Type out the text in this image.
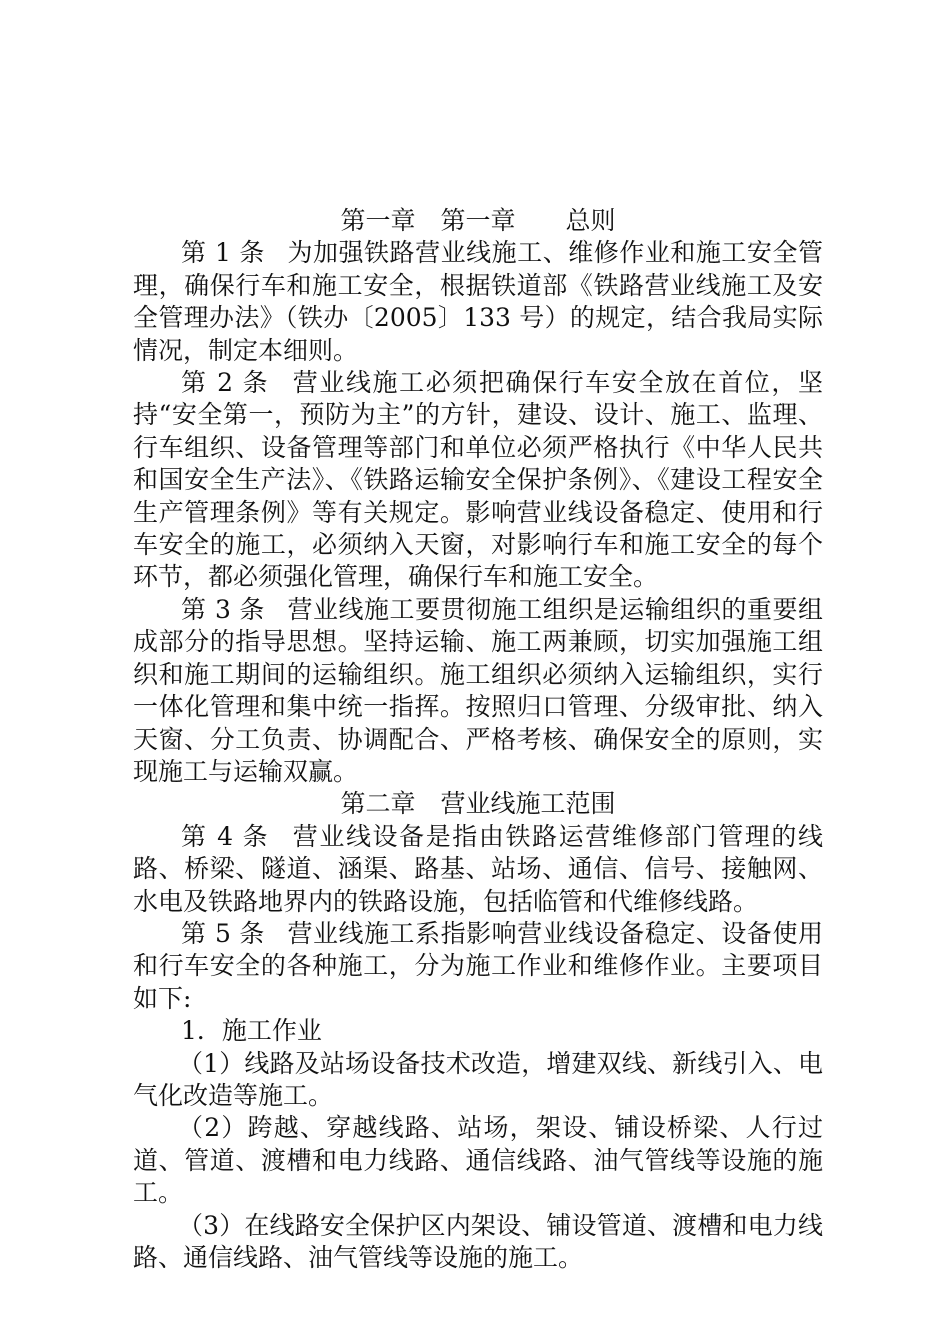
第一章　第一章　　总则

第 1 条 为加强铁路营业线施工、维修作业和施工安全管理，确保行车和施工安全，根据铁道部《铁路营业线施工及安全管理办法》（铁办〔2005〕133 号）的规定，结合我局实际情况，制定本细则。

第 2 条 营业线施工必须把确保行车安全放在首位，坚持“安全第一，预防为主”的方针，建设、设计、施工、监理、行车组织、设备管理等部门和单位必须严格执行《中华人民共和国安全生产法》、《铁路运输安全保护条例》、《建设工程安全生产管理条例》等有关规定。影响营业线设备稳定、使用和行车安全的施工，必须纳入天窗，对影响行车和施工安全的每个环节，都必须强化管理，确保行车和施工安全。

第 3 条 营业线施工要贯彻施工组织是运输组织的重要组成部分的指导思想。坚持运输、施工两兼顾，切实加强施工组织和施工期间的运输组织。施工组织必须纳入运输组织，实行一体化管理和集中统一指挥。按照归口管理、分级审批、纳入天窗、分工负责、协调配合、严格考核、确保安全的原则，实现施工与运输双赢。

第二章　营业线施工范围

第 4 条 营业线设备是指由铁路运营维修部门管理的线路、桥梁、隧道、涵渠、路基、站场、通信、信号、接触网、水电及铁路地界内的铁路设施，包括临管和代维修线路。

第 5 条 营业线施工系指影响营业线设备稳定、设备使用和行车安全的各种施工，分为施工作业和维修作业。主要项目如下:

1．施工作业

（1）线路及站场设备技术改造，增建双线、新线引入、电气化改造等施工。

（2）跨越、穿越线路、站场，架设、铺设桥梁、人行过道、管道、渡槽和电力线路、通信线路、油气管线等设施的施工。

（3）在线路安全保护区内架设、铺设管道、渡槽和电力线路、通信线路、油气管线等设施的施工。
